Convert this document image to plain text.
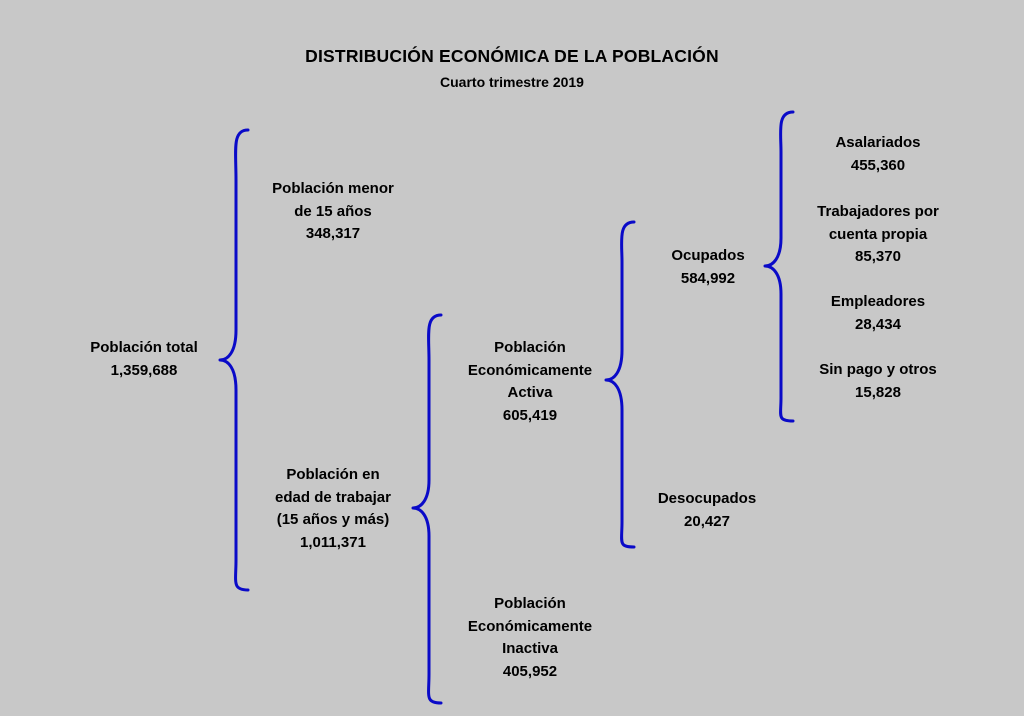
DISTRIBUCIÓN ECONÓMICA DE LA POBLACIÓN
Cuarto trimestre 2019
Población total
1,359,688
Población menor
de 15 años
348,317
Población en
edad de trabajar
(15 años y más)
1,011,371
Población
Económicamente
Activa
605,419
Población
Económicamente
Inactiva
405,952
Ocupados
584,992
Desocupados
20,427
Asalariados
455,360
Trabajadores por
cuenta propia
85,370
Empleadores
28,434
Sin pago y otros
15,828
